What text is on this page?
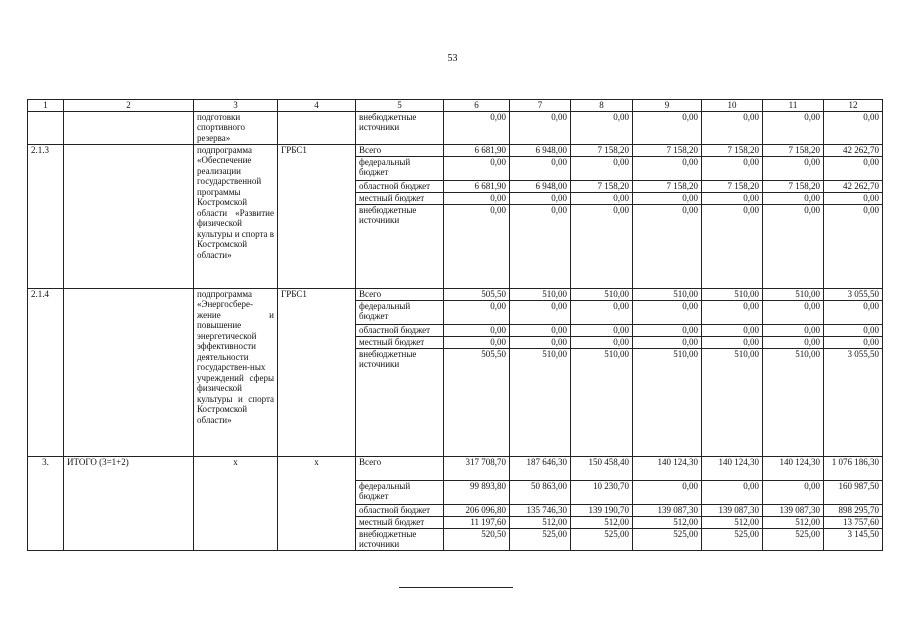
53
1	2	3	4	5	6	7	8	9	10	11	12
		подготовки спортивного резерва»		внебюджетные источники	0,00	0,00	0,00	0,00	0,00	0,00	0,00
2.1.3		подпрограмма «Обеспечение реализации государственной программы Костромской области «Развитие физической культуры и спорта в Костромской области»	ГРБС1	Всего	6 681,90	6 948,00	7 158,20	7 158,20	7 158,20	7 158,20	42 262,70
				федеральный бюджет	0,00	0,00	0,00	0,00	0,00	0,00	0,00
				областной бюджет	6 681,90	6 948,00	7 158,20	7 158,20	7 158,20	7 158,20	42 262,70
				местный бюджет	0,00	0,00	0,00	0,00	0,00	0,00	0,00
				внебюджетные источники	0,00	0,00	0,00	0,00	0,00	0,00	0,00
2.1.4		подпрограмма «Энергосбере-жение и повышение энергетической эффективности деятельности государствен-ных учреждений сферы физической культуры и спорта Костромской области»	ГРБС1	Всего	505,50	510,00	510,00	510,00	510,00	510,00	3 055,50
				федеральный бюджет	0,00	0,00	0,00	0,00	0,00	0,00	0,00
				областной бюджет	0,00	0,00	0,00	0,00	0,00	0,00	0,00
				местный бюджет	0,00	0,00	0,00	0,00	0,00	0,00	0,00
				внебюджетные источники	505,50	510,00	510,00	510,00	510,00	510,00	3 055,50
3.	ИТОГО (3=1+2)	х	х	Всего	317 708,70	187 646,30	150 458,40	140 124,30	140 124,30	140 124,30	1 076 186,30
				федеральный бюджет	99 893,80	50 863,00	10 230,70	0,00	0,00	0,00	160 987,50
				областной бюджет	206 096,80	135 746,30	139 190,70	139 087,30	139 087,30	139 087,30	898 295,70
				местный бюджет	11 197,60	512,00	512,00	512,00	512,00	512,00	13 757,60
				внебюджетные источники	520,50	525,00	525,00	525,00	525,00	525,00	3 145,50
